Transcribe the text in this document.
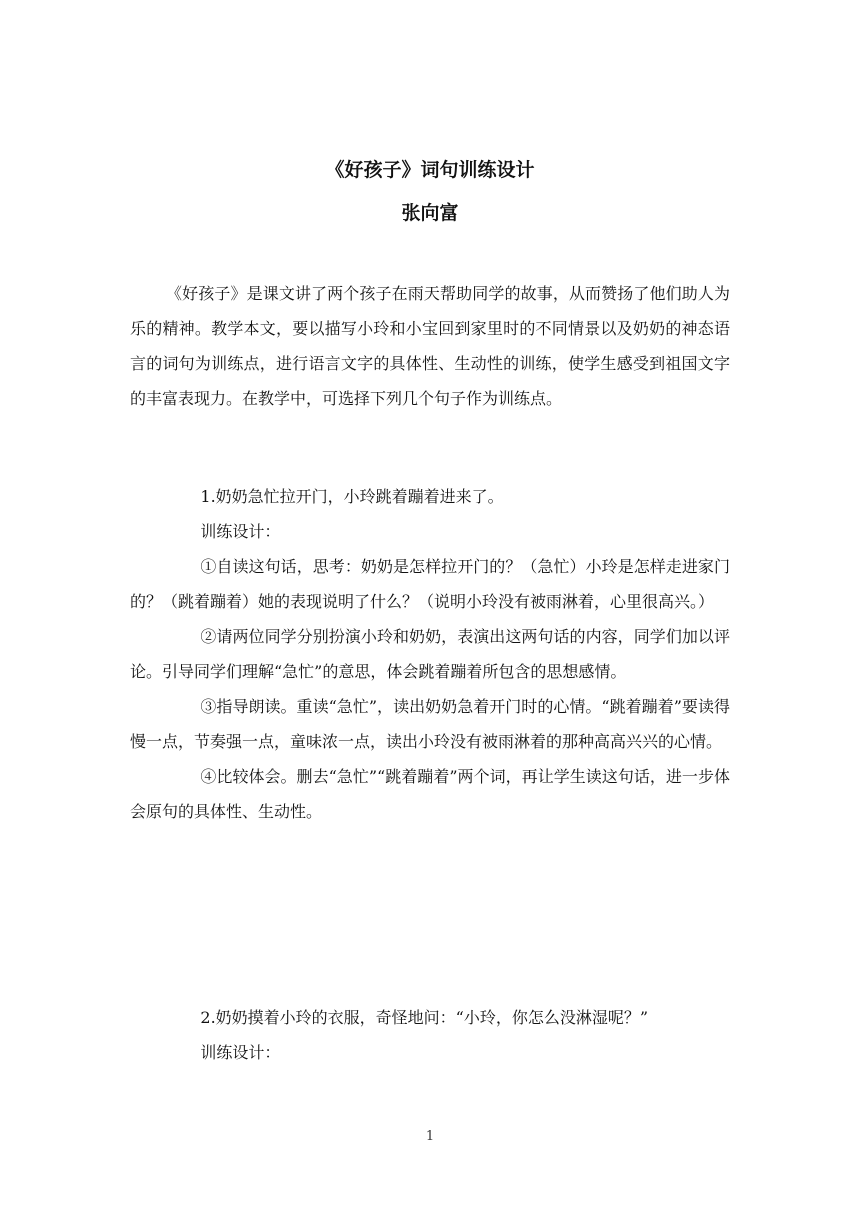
《好孩子》词句训练设计
张向富

《好孩子》是课文讲了两个孩子在雨天帮助同学的故事，从而赞扬了他们助人为乐的精神。教学本文，要以描写小玲和小宝回到家里时的不同情景以及奶奶的神态语言的词句为训练点，进行语言文字的具体性、生动性的训练，使学生感受到祖国文字的丰富表现力。在教学中，可选择下列几个句子作为训练点。

1.奶奶急忙拉开门，小玲跳着蹦着进来了。

训练设计：

①自读这句话，思考：奶奶是怎样拉开门的？（急忙）小玲是怎样走进家门的？（跳着蹦着）她的表现说明了什么？（说明小玲没有被雨淋着，心里很高兴。）

②请两位同学分别扮演小玲和奶奶，表演出这两句话的内容，同学们加以评论。引导同学们理解“急忙”的意思，体会跳着蹦着所包含的思想感情。

③指导朗读。重读“急忙”，读出奶奶急着开门时的心情。“跳着蹦着”要读得慢一点，节奏强一点，童味浓一点，读出小玲没有被雨淋着的那种高高兴兴的心情。

④比较体会。删去“急忙”“跳着蹦着”两个词，再让学生读这句话，进一步体会原句的具体性、生动性。

2.奶奶摸着小玲的衣服，奇怪地问：“小玲，你怎么没淋湿呢？”

训练设计：

1
